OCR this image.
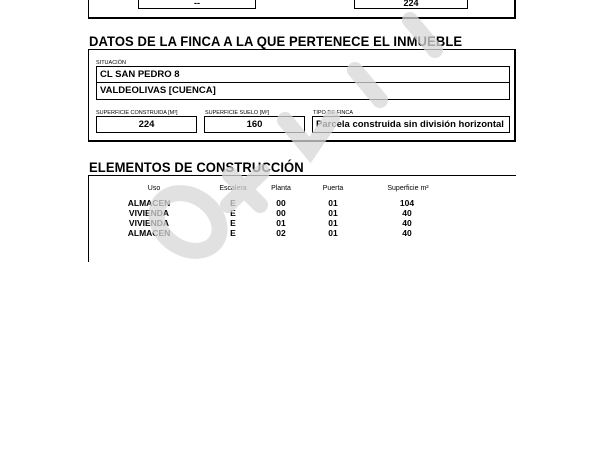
--	224
DATOS DE LA FINCA A LA QUE PERTENECE EL INMUEBLE
SITUACIÓN
CL SAN PEDRO 8
VALDEOLIVAS [CUENCA]
SUPERFICIE CONSTRUIDA [M²]	SUPERFICIE SUELO [M²]	TIPO DE FINCA
224	160	Parcela construida sin división horizontal
ELEMENTOS DE CONSTRUCCIÓN
Uso	Escalera	Planta	Puerta	Superficie m²
ALMACEN	E	00	01	104
VIVIENDA	E	00	01	40
VIVIENDA	E	01	01	40
ALMACEN	E	02	01	40
